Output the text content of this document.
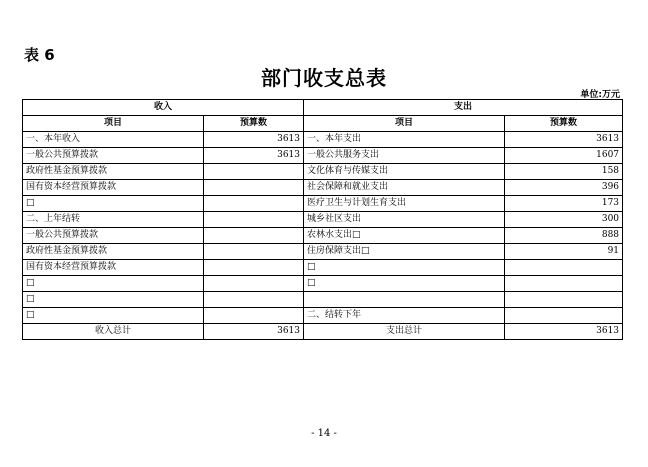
表 6
部门收支总表
单位:万元
收入		支出	
项目	预算数	项目	预算数
一、本年收入	3613	一、本年支出	3613
一般公共预算拨款	3613	一般公共服务支出	1607
政府性基金预算拨款		文化体育与传媒支出	158
国有资本经营预算拨款		社会保障和就业支出	396
□		医疗卫生与计划生育支出	173
二、上年结转		城乡社区支出	300
一般公共预算拨款		农林水支出□	888
政府性基金预算拨款		住房保障支出□	91
国有资本经营预算拨款		□	
□		□	
□			
□		二、结转下年	
收入总计	3613	支出总计	3613
- 14 -
